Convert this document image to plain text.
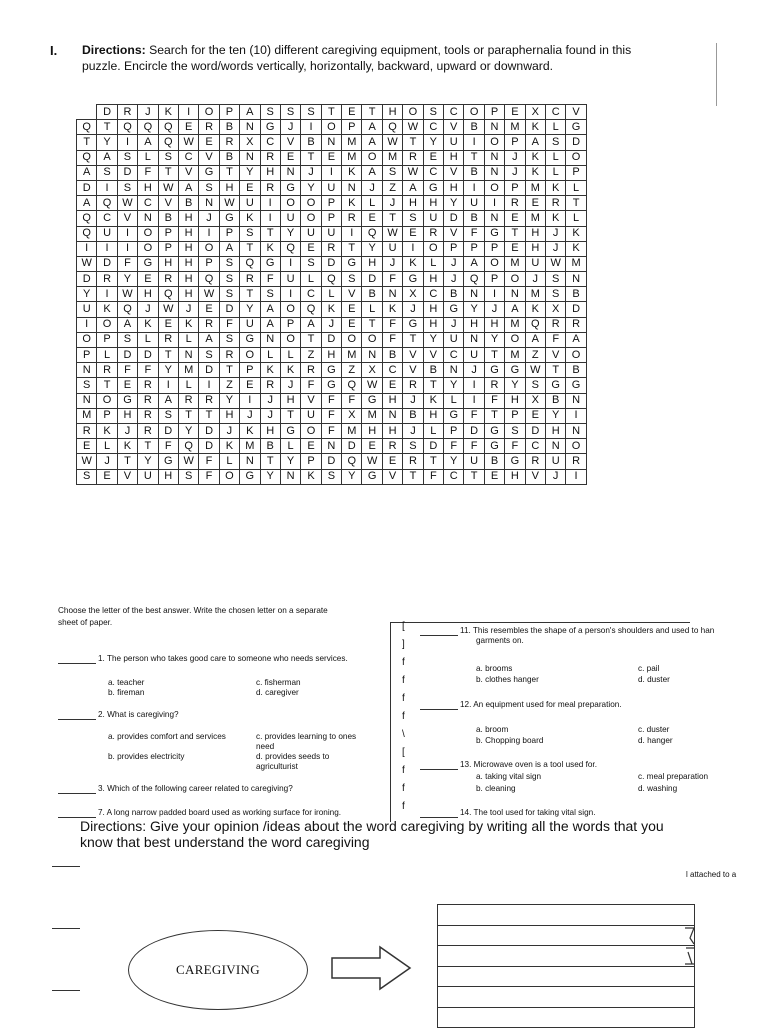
I. Directions: Search for the ten (10) different caregiving equipment, tools or paraphernalia found in this puzzle. Encircle the word/words vertically, horizontally, backward, upward or downward.
	D	R	J	K	I	O	P	A	S	S	S	T	E	T	H	O	S	C	O	P	E	X	C	V
Q	T	Q	Q	Q	E	R	B	N	G	J	I	O	P	A	Q	W	C	V	B	N	M	K	L	G
T	Y	I	A	Q	W	E	R	X	C	V	B	N	M	A	W	T	Y	U	I	O	P	A	S	D
Q	A	S	L	S	C	V	B	N	R	E	T	E	M	O	M	R	E	H	T	N	J	K	L	O
A	S	D	F	T	V	G	T	Y	H	N	J	I	K	A	S	W	C	V	B	N	J	K	L	P
D	I	S	H	W	A	S	H	E	R	G	Y	U	N	J	Z	A	G	H	I	O	P	M	K	L
A	Q	W	C	V	B	N	W	U	I	O	O	P	K	L	J	H	H	Y	U	I	R	E	R	T
Q	C	V	N	B	H	J	G	K	I	U	O	P	R	E	T	S	U	D	B	N	E	M	K	L
Q	U	I	O	P	H	I	P	S	T	Y	U	U	I	Q	W	E	R	V	F	G	T	H	J	K
I	I	I	O	P	H	O	A	T	K	Q	E	R	T	Y	U	I	O	P	P	P	E	H	J	K
W	D	F	G	H	H	P	S	Q	G	I	S	D	G	H	J	K	L	J	A	O	M	U	W	M
D	R	Y	E	R	H	Q	S	R	F	U	L	Q	S	D	F	G	H	J	Q	P	O	J	S	N
Y	I	W	H	Q	H	W	S	T	S	I	C	L	V	B	N	X	C	B	N	I	N	M	S	B
U	K	Q	J	W	J	E	D	Y	A	O	Q	K	E	L	K	J	H	G	Y	J	A	K	X	D
I	O	A	K	E	K	R	F	U	A	P	A	J	E	T	F	G	H	J	H	H	M	Q	R	R
O	P	S	L	R	L	A	S	G	N	O	T	D	O	O	F	T	Y	U	N	Y	O	A	F	A
P	L	D	D	T	N	S	R	O	L	L	Z	H	M	N	B	V	V	C	U	T	M	Z	V	O
N	R	F	F	Y	M	D	T	P	K	K	R	G	Z	X	C	V	B	N	J	G	G	W	T	B
S	T	E	R	I	L	I	Z	E	R	J	F	G	Q	W	E	R	T	Y	I	R	Y	S	G	G
N	O	G	R	A	R	R	Y	I	J	H	V	F	F	G	H	J	K	L	I	F	H	X	B	N
M	P	H	R	S	T	T	H	J	J	T	U	F	X	M	N	B	H	G	F	T	P	E	Y	I
R	K	J	R	D	Y	D	J	K	H	G	O	F	M	H	H	J	L	P	D	G	S	D	H	N
E	L	K	T	F	Q	D	K	M	B	L	E	N	D	E	R	S	D	F	F	G	F	C	N	O
W	J	T	Y	G	W	F	L	N	T	Y	P	D	Q	W	E	R	T	Y	U	B	G	R	U	R
S	E	V	U	H	S	F	O	G	Y	N	K	S	Y	G	V	T	F	C	T	E	H	V	J	I
Choose the letter of the best answer. Write the chosen letter on a separate
sheet of paper.	[
]
f
f
f
f
\
[
f
f
f
1. The person who takes good care to someone who needs services.
a. teacher
b. fireman
c. fisherman
d. caregiver
2. What is caregiving?
a. provides comfort and services
b. provides electricity
c. provides learning to ones need
d. provides seeds to agriculturist
3. Which of the following career related to caregiving?
7. A long narrow padded board used as working surface for ironing.
11. This resembles the shape of a person's shoulders and used to han
garments on.
a. brooms
b. clothes hanger
c. pail
d. duster
12. An equipment used for meal preparation.
a. broom
b. Chopping board
c. duster
d. hanger
13. Microwave oven is a tool used for.
a. taking vital sign
b. cleaning
c. meal preparation
d. washing
14. The tool used for taking vital sign.
Directions: Give your opinion /ideas about the word caregiving by writing all the words that you know that best understand the word caregiving
l attached to a
CAREGIVING
